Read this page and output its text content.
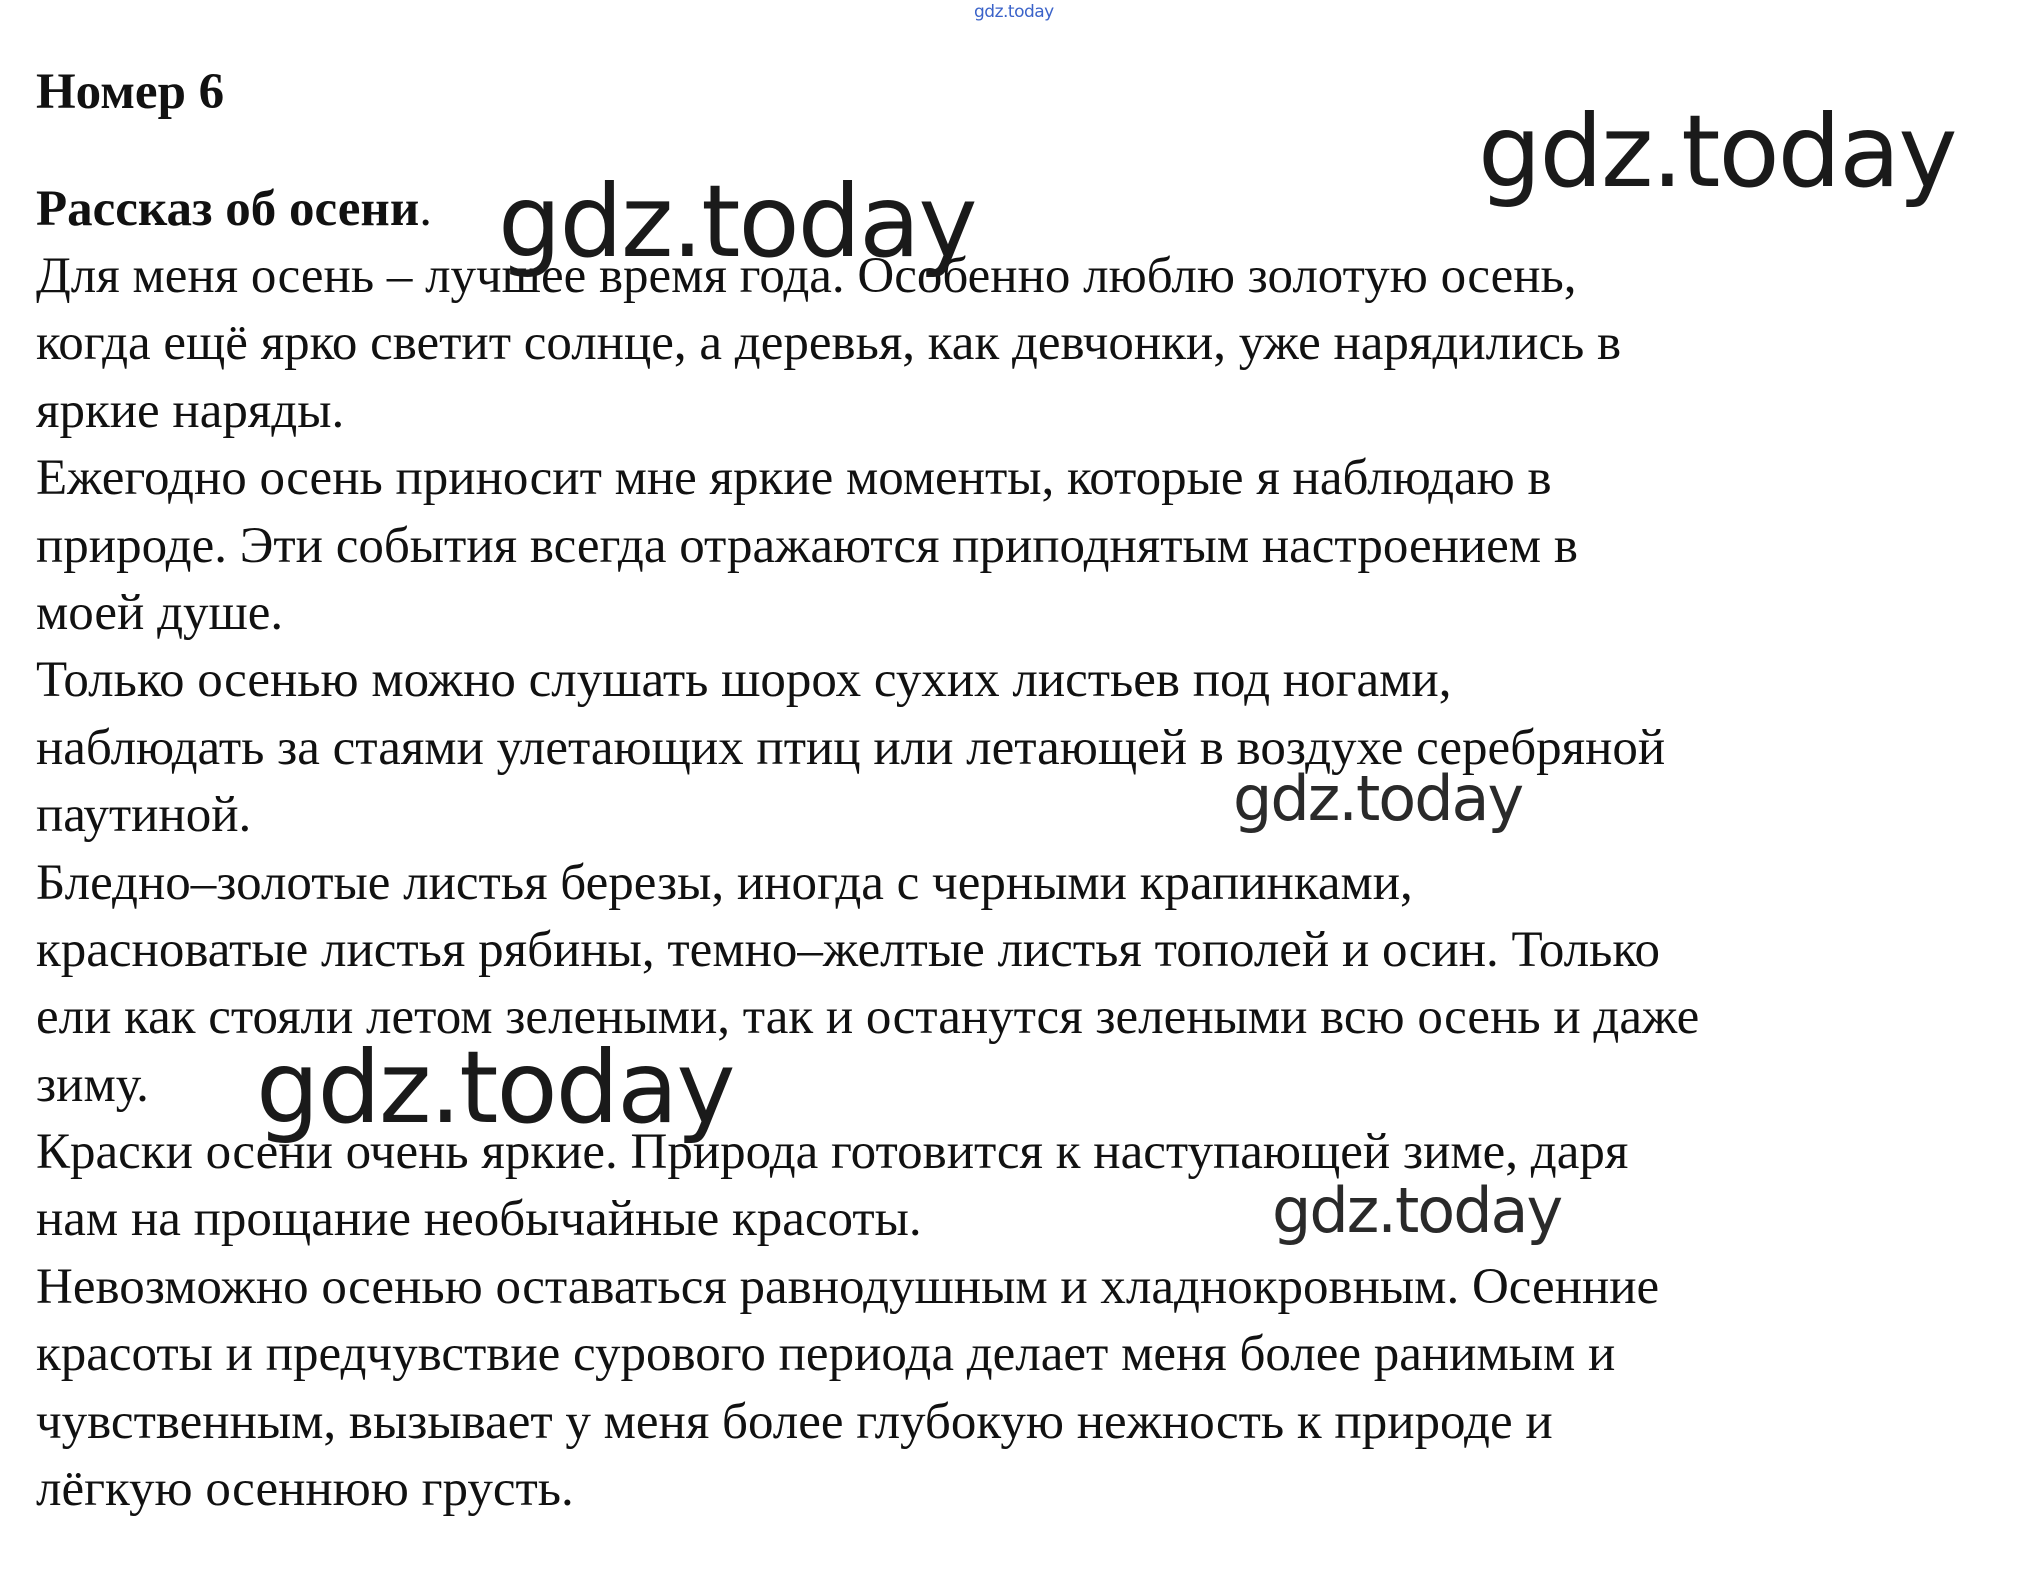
gdz.today
Номер 6
Рассказ об осени.
Для меня осень – лучшее время года. Особенно люблю золотую осень,
когда ещё ярко светит солнце, а деревья, как девчонки, уже нарядились в
яркие наряды.
Ежегодно осень приносит мне яркие моменты, которые я наблюдаю в
природе. Эти события всегда отражаются приподнятым настроением в
моей душе.
Только осенью можно слушать шорох сухих листьев под ногами,
наблюдать за стаями улетающих птиц или летающей в воздухе серебряной
паутиной.
Бледно–золотые листья березы, иногда с черными крапинками,
красноватые листья рябины, темно–желтые листья тополей и осин. Только
ели как стояли летом зелеными, так и останутся зелеными всю осень и даже
зиму.
Краски осени очень яркие. Природа готовится к наступающей зиме, даря
нам на прощание необычайные красоты.
Невозможно осенью оставаться равнодушным и хладнокровным. Осенние
красоты и предчувствие сурового периода делает меня более ранимым и
чувственным, вызывает у меня более глубокую нежность к природе и
лёгкую осеннюю грусть.
gdz.today
gdz.today
gdz.today
gdz.today
gdz.today
